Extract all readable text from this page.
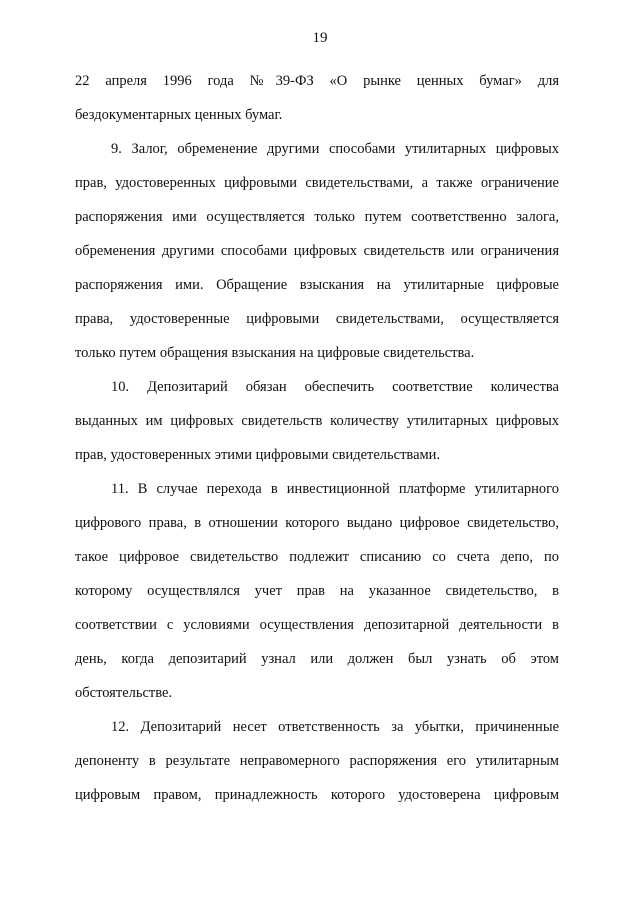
19
22 апреля 1996 года №39-ФЗ «О рынке ценных бумаг» для
бездокументарных ценных бумаг.
9. Залог, обременение другими способами утилитарных цифровых
прав, удостоверенных цифровыми свидетельствами, а также ограничение
распоряжения ими осуществляется только путем соответственно залога,
обременения другими способами цифровых свидетельств или ограничения
распоряжения ими. Обращение взыскания на утилитарные цифровые
права, удостоверенные цифровыми свидетельствами, осуществляется
только путем обращения взыскания на цифровые свидетельства.
10. Депозитарий обязан обеспечить соответствие количества
выданных им цифровых свидетельств количеству утилитарных цифровых
прав, удостоверенных этими цифровыми свидетельствами.
11. В случае перехода в инвестиционной платформе утилитарного
цифрового права, в отношении которого выдано цифровое свидетельство,
такое цифровое свидетельство подлежит списанию со счета депо, по
которому осуществлялся учет прав на указанное свидетельство, в
соответствии с условиями осуществления депозитарной деятельности в
день, когда депозитарий узнал или должен был узнать об этом
обстоятельстве.
12. Депозитарий несет ответственность за убытки, причиненные
депоненту в результате неправомерного распоряжения его утилитарным
цифровым правом, принадлежность которого удостоверена цифровым
